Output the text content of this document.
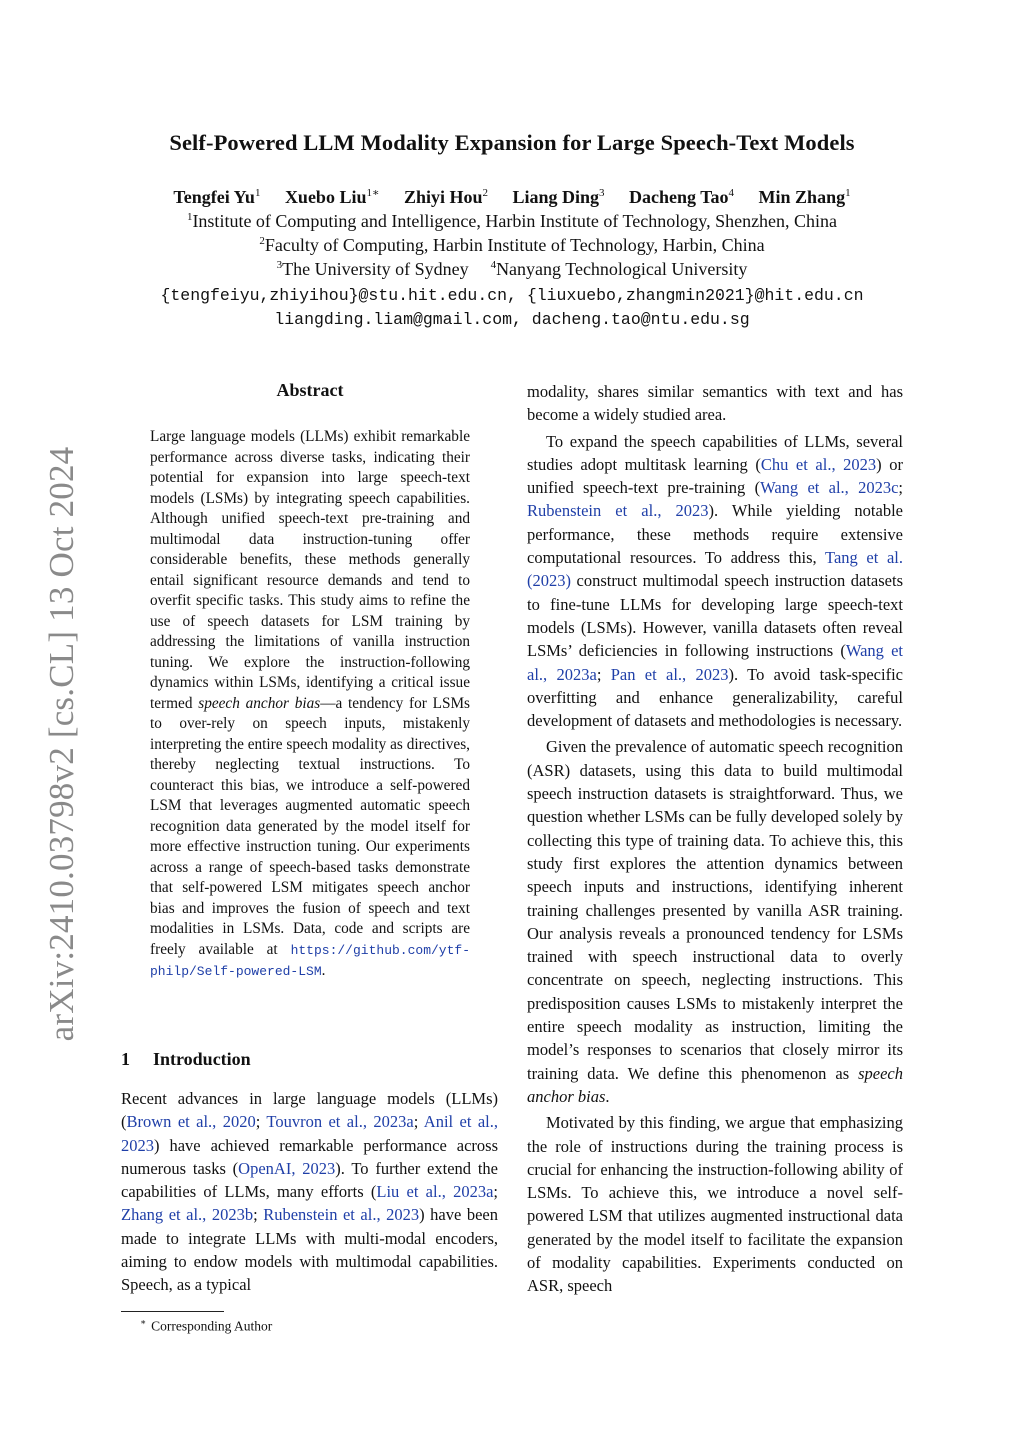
Self-Powered LLM Modality Expansion for Large Speech-Text Models
Tengfei Yu$^1$ Xuebo Liu$^{1∗}$ Zhiyi Hou$^2$ Liang Ding$^3$ Dacheng Tao$^4$ Min Zhang$^1$
$^1$Institute of Computing and Intelligence, Harbin Institute of Technology, Shenzhen, China
$^2$Faculty of Computing, Harbin Institute of Technology, Harbin, China
$^3$The University of Sydney $^4$Nanyang Technological University
{tengfeiyu,zhiyihou}@stu.hit.edu.cn, {liuxuebo,zhangmin2021}@hit.edu.cn
liangding.liam@gmail.com, dacheng.tao@ntu.edu.sg
arXiv:2410.03798v2 [cs.CL] 13 Oct 2024
Abstract
Large language models (LLMs) exhibit remarkable performance across diverse tasks, indicating their potential for expansion into large speech-text models (LSMs) by integrating speech capabilities. Although unified speech-text pre-training and multimodal data instruction-tuning offer considerable benefits, these methods generally entail significant resource demands and tend to overfit specific tasks. This study aims to refine the use of speech datasets for LSM training by addressing the limitations of vanilla instruction tuning. We explore the instruction-following dynamics within LSMs, identifying a critical issue termed speech anchor bias—a tendency for LSMs to over-rely on speech inputs, mistakenly interpreting the entire speech modality as directives, thereby neglecting textual instructions. To counteract this bias, we introduce a self-powered LSM that leverages augmented automatic speech recognition data generated by the model itself for more effective instruction tuning. Our experiments across a range of speech-based tasks demonstrate that self-powered LSM mitigates speech anchor bias and improves the fusion of speech and text modalities in LSMs. Data, code and scripts are freely available at https://github.com/ytf-philp/Self-powered-LSM.
1 Introduction
Recent advances in large language models (LLMs) (Brown et al., 2020; Touvron et al., 2023a; Anil et al., 2023) have achieved remarkable performance across numerous tasks (OpenAI, 2023). To further extend the capabilities of LLMs, many efforts (Liu et al., 2023a; Zhang et al., 2023b; Rubenstein et al., 2023) have been made to integrate LLMs with multi-modal encoders, aiming to endow models with multimodal capabilities. Speech, as a typical

modality, shares similar semantics with text and has become a widely studied area.

To expand the speech capabilities of LLMs, several studies adopt multitask learning (Chu et al., 2023) or unified speech-text pre-training (Wang et al., 2023c; Rubenstein et al., 2023). While yielding notable performance, these methods require extensive computational resources. To address this, Tang et al. (2023) construct multimodal speech instruction datasets to fine-tune LLMs for developing large speech-text models (LSMs). However, vanilla datasets often reveal LSMs’ deficiencies in following instructions (Wang et al., 2023a; Pan et al., 2023). To avoid task-specific overfitting and enhance generalizability, careful development of datasets and methodologies is necessary.

Given the prevalence of automatic speech recognition (ASR) datasets, using this data to build multimodal speech instruction datasets is straightforward. Thus, we question whether LSMs can be fully developed solely by collecting this type of training data. To achieve this, this study first explores the attention dynamics between speech inputs and instructions, identifying inherent training challenges presented by vanilla ASR training. Our analysis reveals a pronounced tendency for LSMs trained with speech instructional data to overly concentrate on speech, neglecting instructions. This predisposition causes LSMs to mistakenly interpret the entire speech modality as instruction, limiting the model’s responses to scenarios that closely mirror its training data. We define this phenomenon as speech anchor bias.

Motivated by this finding, we argue that emphasizing the role of instructions during the training process is crucial for enhancing the instruction-following ability of LSMs. To achieve this, we introduce a novel self-powered LSM that utilizes augmented instructional data generated by the model itself to facilitate the expansion of modality capabilities. Experiments conducted on ASR, speech

∗ Corresponding Author
